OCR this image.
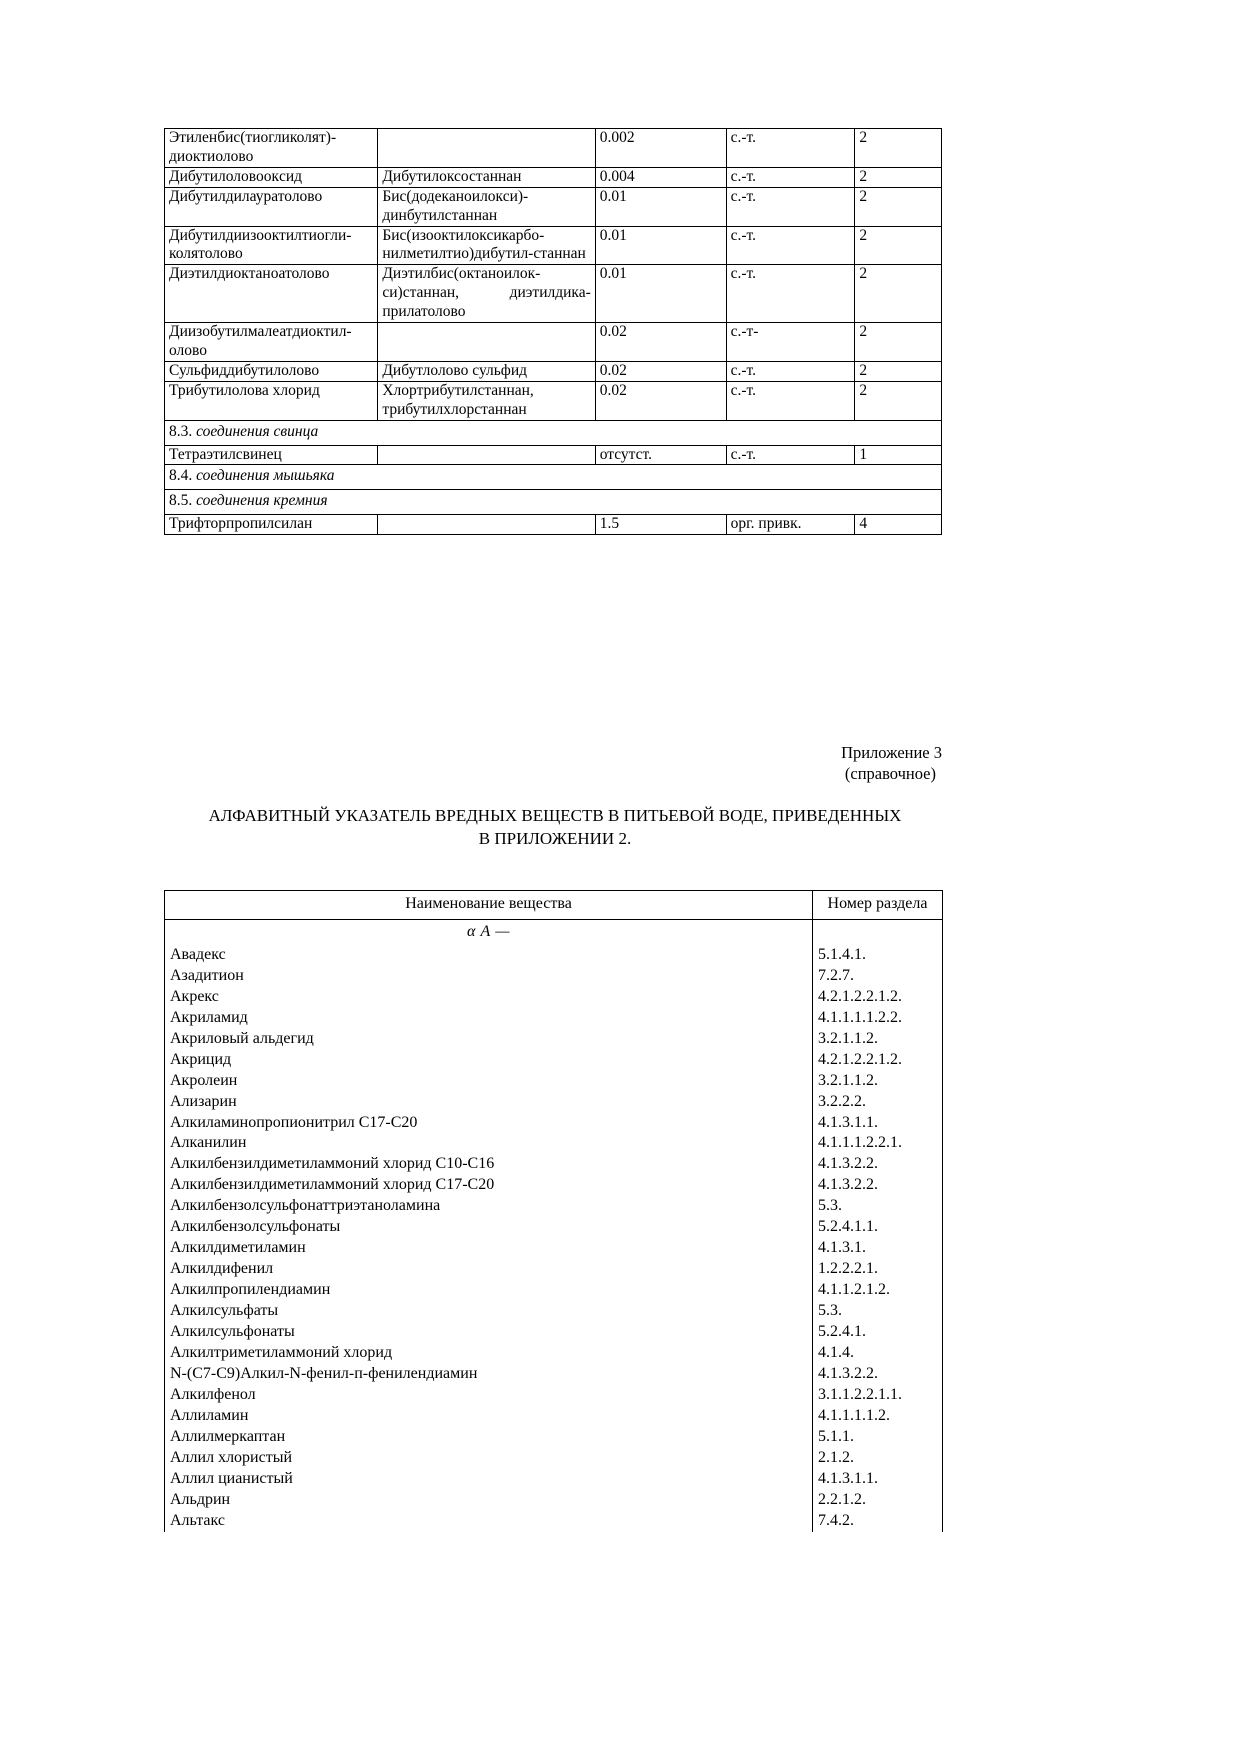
Этиленбис(тиогликолят)-диоктиолово		0.002	с.-т.	2
Дибутилоловоокcид	Дибутилоксостаннан	0.004	с.-т.	2
Дибутилдилауратолово	Бис(додеканоилокси)-динбутилстаннан	0.01	с.-т.	2
Дибутилдиизооктилтиогли-колятолово	Бис(изооктилоксикарбо-нилметилтио)дибутил-станнан	0.01	с.-т.	2
Диэтилдиоктаноатолово	Диэтилбис(октаноилок-си)станнан, диэтилдика-прилатолово	0.01	с.-т.	2
Диизобутилмалеатдиоктил-олово		0.02	с.-т-	2
Сульфиддибутилолово	Дибутлолово сульфид	0.02	с.-т.	2
Трибутилолова хлорид	Хлортрибутилстаннан, трибутилхлорстаннан	0.02	с.-т.	2
8.3. соединения свинца				
Тетраэтилсвинец		отсутст.	с.-т.	1
8.4. соединения мышьяка				
8.5. соединения кремния				
Трифторпропилсилан		1.5	орг. привк.	4
Приложение 3
(справочное)
АЛФАВИТНЫЙ УКАЗАТЕЛЬ ВРЕДНЫХ ВЕЩЕСТВ В ПИТЬЕВОЙ ВОДЕ, ПРИВЕДЕННЫХ
В ПРИЛОЖЕНИИ 2.
Наименование вещества	Номер раздела
α А —	
Авадекс	5.1.4.1.
Азадитион	7.2.7.
Акрекс	4.2.1.2.2.1.2.
Акриламид	4.1.1.1.1.2.2.
Акриловый альдегид	3.2.1.1.2.
Акрицид	4.2.1.2.2.1.2.
Акролеин	3.2.1.1.2.
Ализарин	3.2.2.2.
Алкиламинопропионитрил С17-С20	4.1.3.1.1.
Алканилин	4.1.1.1.2.2.1.
Алкилбензилдиметиламмоний хлорид С10-С16	4.1.3.2.2.
Алкилбензилдиметиламмоний хлорид С17-С20	4.1.3.2.2.
Алкилбензолсульфонаттриэтаноламина	5.3.
Алкилбензолсульфонаты	5.2.4.1.1.
Алкилдиметиламин	4.1.3.1.
Алкилдифенил	1.2.2.2.1.
Алкилпропилендиамин	4.1.1.2.1.2.
Алкилсульфаты	5.3.
Алкилсульфонаты	5.2.4.1.
Алкилтриметиламмоний хлорид	4.1.4.
N-(С7-С9)Алкил-N-фенил-п-фенилендиамин	4.1.3.2.2.
Алкилфенол	3.1.1.2.2.1.1.
Аллиламин	4.1.1.1.1.2.
Аллилмеркаптан	5.1.1.
Аллил хлористый	2.1.2.
Аллил цианистый	4.1.3.1.1.
Альдрин	2.2.1.2.
Альтакс	7.4.2.
